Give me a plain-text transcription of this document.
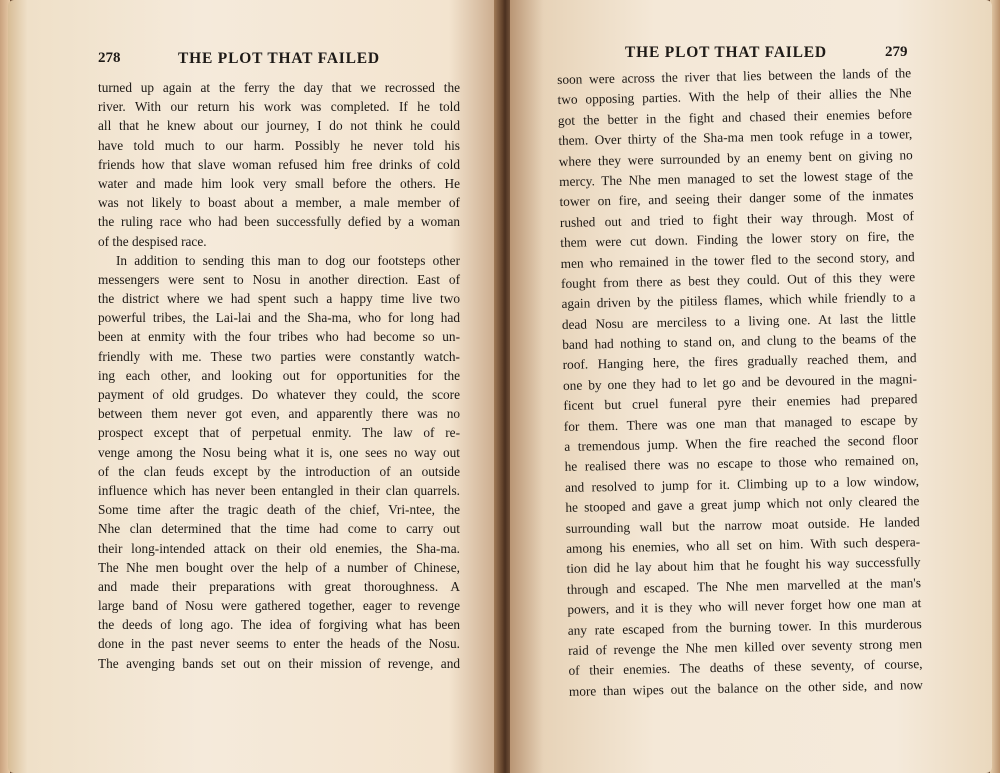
278	THE PLOT THAT FAILED
turned up again at the ferry the day that we recrossed the
river. With our return his work was completed. If he told
all that he knew about our journey, I do not think he could
have told much to our harm. Possibly he never told his
friends how that slave woman refused him free drinks of cold
water and made him look very small before the others. He
was not likely to boast about a member, a male member of
the ruling race who had been successfully defied by a woman
of the despised race.
In addition to sending this man to dog our footsteps other
messengers were sent to Nosu in another direction. East of
the district where we had spent such a happy time live two
powerful tribes, the Lai-lai and the Sha-ma, who for long had
been at enmity with the four tribes who had become so un-
friendly with me. These two parties were constantly watch-
ing each other, and looking out for opportunities for the
payment of old grudges. Do whatever they could, the score
between them never got even, and apparently there was no
prospect except that of perpetual enmity. The law of re-
venge among the Nosu being what it is, one sees no way out
of the clan feuds except by the introduction of an outside
influence which has never been entangled in their clan quarrels.
Some time after the tragic death of the chief, Vri-ntee, the
Nhe clan determined that the time had come to carry out
their long-intended attack on their old enemies, the Sha-ma.
The Nhe men bought over the help of a number of Chinese,
and made their preparations with great thoroughness. A
large band of Nosu were gathered together, eager to revenge
the deeds of long ago. The idea of forgiving what has been
done in the past never seems to enter the heads of the Nosu.
The avenging bands set out on their mission of revenge, and
THE PLOT THAT FAILED	279
soon were across the river that lies between the lands of the
two opposing parties. With the help of their allies the Nhe
got the better in the fight and chased their enemies before
them. Over thirty of the Sha-ma men took refuge in a tower,
where they were surrounded by an enemy bent on giving no
mercy. The Nhe men managed to set the lowest stage of the
tower on fire, and seeing their danger some of the inmates
rushed out and tried to fight their way through. Most of
them were cut down. Finding the lower story on fire, the
men who remained in the tower fled to the second story, and
fought from there as best they could. Out of this they were
again driven by the pitiless flames, which while friendly to a
dead Nosu are merciless to a living one. At last the little
band had nothing to stand on, and clung to the beams of the
roof. Hanging here, the fires gradually reached them, and
one by one they had to let go and be devoured in the magni-
ficent but cruel funeral pyre their enemies had prepared
for them. There was one man that managed to escape by
a tremendous jump. When the fire reached the second floor
he realised there was no escape to those who remained on,
and resolved to jump for it. Climbing up to a low window,
he stooped and gave a great jump which not only cleared the
surrounding wall but the narrow moat outside. He landed
among his enemies, who all set on him. With such despera-
tion did he lay about him that he fought his way successfully
through and escaped. The Nhe men marvelled at the man's
powers, and it is they who will never forget how one man at
any rate escaped from the burning tower. In this murderous
raid of revenge the Nhe men killed over seventy strong men
of their enemies. The deaths of these seventy, of course,
more than wipes out the balance on the other side, and now
